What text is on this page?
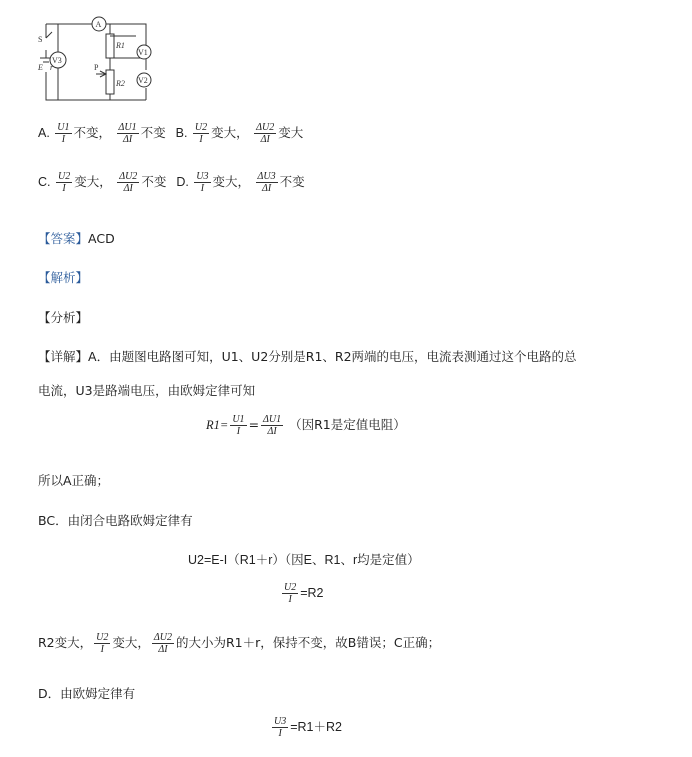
A
V3
V1
V2
S
E r
R1
R2
P
A. $\frac{U1}{I}$ 不变， $\frac{\Delta U1}{\Delta I}$ 不变 B. $\frac{U2}{I}$ 变大， $\frac{\Delta U2}{\Delta I}$ 变大
C. $\frac{U2}{I}$ 变大， $\frac{\Delta U2}{\Delta I}$ 不变 D. $\frac{U3}{I}$ 变大， $\frac{\Delta U3}{\Delta I}$ 不变
【答案】ACD
【解析】
【分析】
【详解】A．由题图电路图可知，U1、U2分别是R1、R2两端的电压，电流表测通过这个电路的总
电流，U3是路端电压，由欧姆定律可知
$R1= \frac{U1}{I} = \frac{\Delta U1}{\Delta I}$ （因R1是定值电阻）
所以A正确；
BC．由闭合电路欧姆定律有
U2=E-I（R1＋r）（因E、R1、r均是定值）
$\frac{U2}{I} =R2$
R2变大， $\frac{U2}{I}$ 变大， $\frac{\Delta U2}{\Delta I}$ 的大小为R1＋r，保持不变，故B错误；C正确；
D．由欧姆定律有
$\frac{U3}{I} =R1+R2$
